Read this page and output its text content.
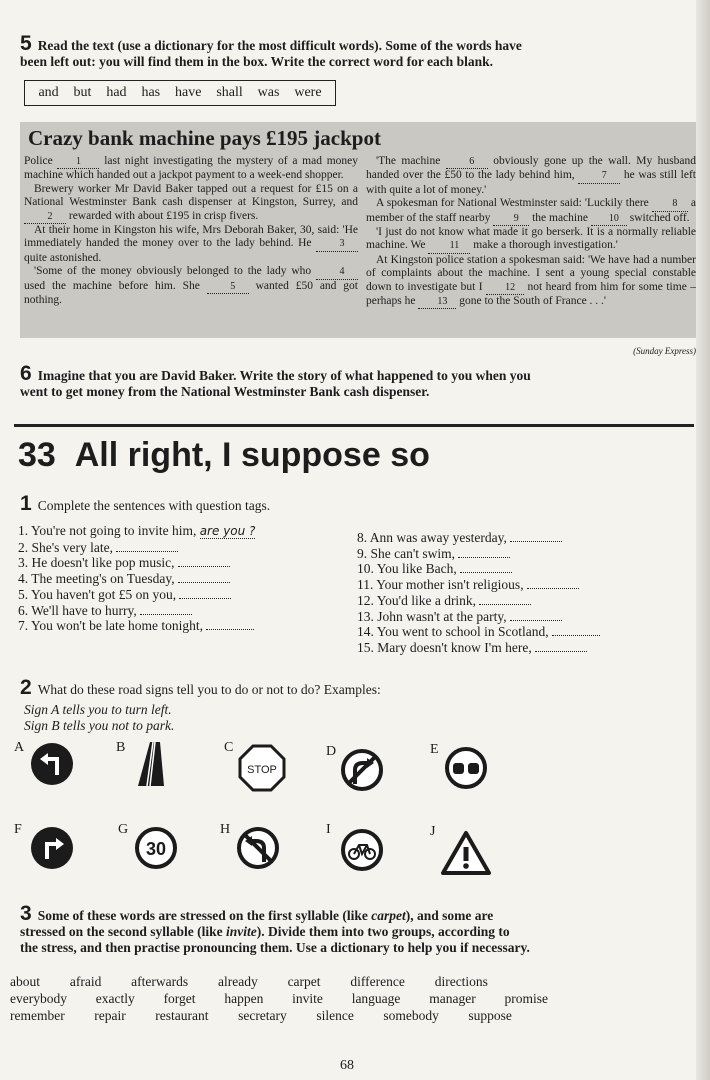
5 Read the text (use a dictionary for the most difficult words). Some of the words have been left out: you will find them in the box. Write the correct word for each blank.
and but had has have shall was were
Crazy bank machine pays £195 jackpot

Police 1 last night investigating the mystery of a mad money machine which handed out a jackpot payment to a week-end shopper.

Brewery worker Mr David Baker tapped out a request for £15 on a National Westminster Bank cash dispenser at Kingston, Surrey, and 2 rewarded with about £195 in crisp fivers.

At their home in Kingston his wife, Mrs Deborah Baker, 30, said: 'He immediately handed the money over to the lady behind. He 3 quite astonished.

'Some of the money obviously belonged to the lady who 4 used the machine before him. She 5 wanted £50 and got nothing.

'The machine 6 obviously gone up the wall. My husband handed over the £50 to the lady behind him, 7 he was still left with quite a lot of money.'

A spokesman for National Westminster said: 'Luckily there 8 a member of the staff nearby 9 the machine 10 switched off.

'I just do not know what made it go berserk. It is a normally reliable machine. We 11 make a thorough investigation.'

At Kingston police station a spokesman said: 'We have had a number of complaints about the machine. I sent a young special constable down to investigate but I 12 not heard from him for some time – perhaps he 13 gone to the South of France . . .'

(Sunday Express)
6 Imagine that you are David Baker. Write the story of what happened to you when you went to get money from the National Westminster Bank cash dispenser.
33 All right, I suppose so
1 Complete the sentences with question tags.
1. You're not going to invite him, are you ?
2. She's very late,
3. He doesn't like pop music,
4. The meeting's on Tuesday,
5. You haven't got £5 on you,
6. We'll have to hurry,
7. You won't be late home tonight,
8. Ann was away yesterday,
9. She can't swim,
10. You like Bach,
11. Your mother isn't religious,
12. You'd like a drink,
13. John wasn't at the party,
14. You went to school in Scotland,
15. Mary doesn't know I'm here,
2 What do these road signs tell you to do or not to do? Examples:
Sign A tells you to turn left.
Sign B tells you not to park.
A	B	C
STOP
D	E
F	G
30
H	I	J
3 Some of these words are stressed on the first syllable (like carpet), and some are stressed on the second syllable (like invite). Divide them into two groups, according to the stress, and then practise pronouncing them. Use a dictionary to help you if necessary.
about afraid afterwards already carpet difference directions
everybody exactly forget happen invite language manager promise
remember repair restaurant secretary silence somebody suppose
68
